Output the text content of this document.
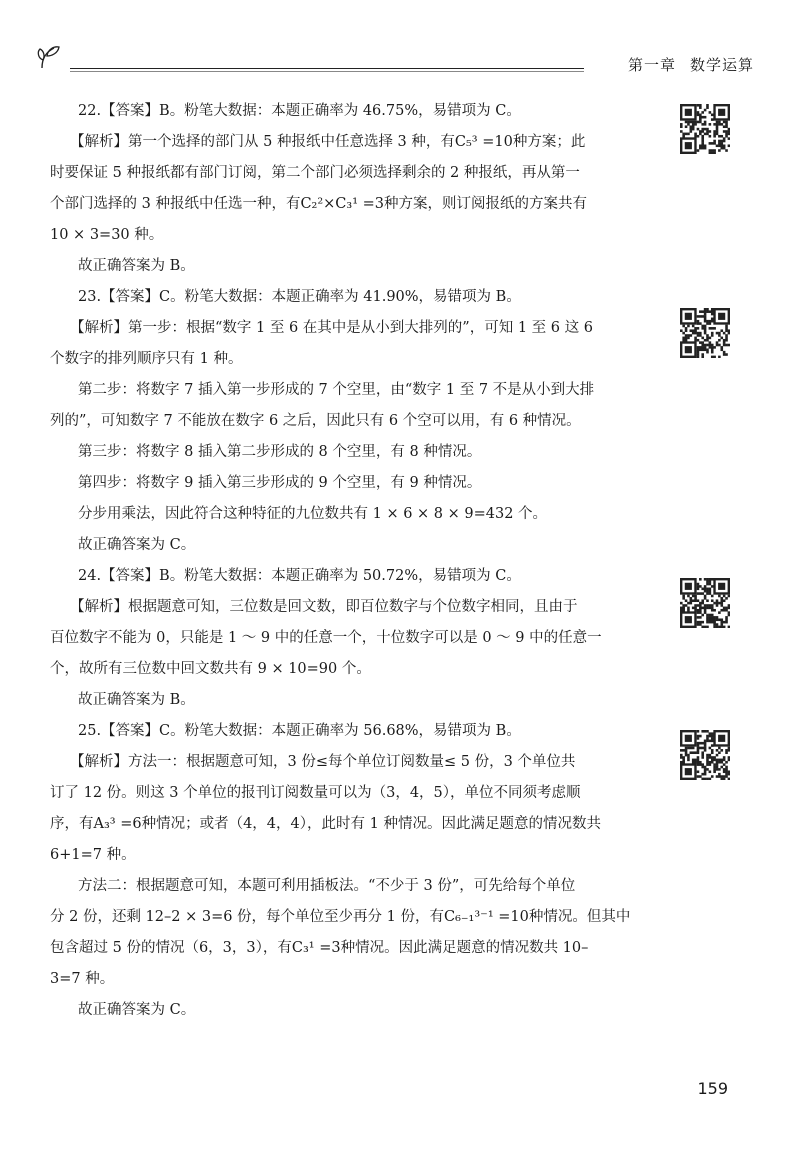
第一章 数学运算
22.【答案】B。粉笔大数据：本题正确率为 46.75%，易错项为 C。
【解析】第一个选择的部门从 5 种报纸中任意选择 3 种，有C₅³ =10种方案；此
时要保证 5 种报纸都有部门订阅，第二个部门必须选择剩余的 2 种报纸，再从第一
个部门选择的 3 种报纸中任选一种，有C₂²×C₃¹ =3种方案，则订阅报纸的方案共有
10 × 3=30 种。
故正确答案为 B。
23.【答案】C。粉笔大数据：本题正确率为 41.90%，易错项为 B。
【解析】第一步：根据“数字 1 至 6 在其中是从小到大排列的”，可知 1 至 6 这 6
个数字的排列顺序只有 1 种。
第二步：将数字 7 插入第一步形成的 7 个空里，由“数字 1 至 7 不是从小到大排
列的”，可知数字 7 不能放在数字 6 之后，因此只有 6 个空可以用，有 6 种情况。
第三步：将数字 8 插入第二步形成的 8 个空里，有 8 种情况。
第四步：将数字 9 插入第三步形成的 9 个空里，有 9 种情况。
分步用乘法，因此符合这种特征的九位数共有 1 × 6 × 8 × 9=432 个。
故正确答案为 C。
24.【答案】B。粉笔大数据：本题正确率为 50.72%，易错项为 C。
【解析】根据题意可知，三位数是回文数，即百位数字与个位数字相同，且由于
百位数字不能为 0，只能是 1 ～ 9 中的任意一个，十位数字可以是 0 ～ 9 中的任意一
个，故所有三位数中回文数共有 9 × 10=90 个。
故正确答案为 B。
25.【答案】C。粉笔大数据：本题正确率为 56.68%，易错项为 B。
【解析】方法一：根据题意可知，3 份≤每个单位订阅数量≤ 5 份，3 个单位共
订了 12 份。则这 3 个单位的报刊订阅数量可以为（3，4，5），单位不同须考虑顺
序，有A₃³ =6种情况；或者（4，4，4），此时有 1 种情况。因此满足题意的情况数共
6+1=7 种。
方法二：根据题意可知，本题可利用插板法。“不少于 3 份”，可先给每个单位
分 2 份，还剩 12–2 × 3=6 份，每个单位至少再分 1 份，有C₆₋₁³⁻¹ =10种情况。但其中
包含超过 5 份的情况（6，3，3），有C₃¹ =3种情况。因此满足题意的情况数共 10–
3=7 种。
故正确答案为 C。
159
